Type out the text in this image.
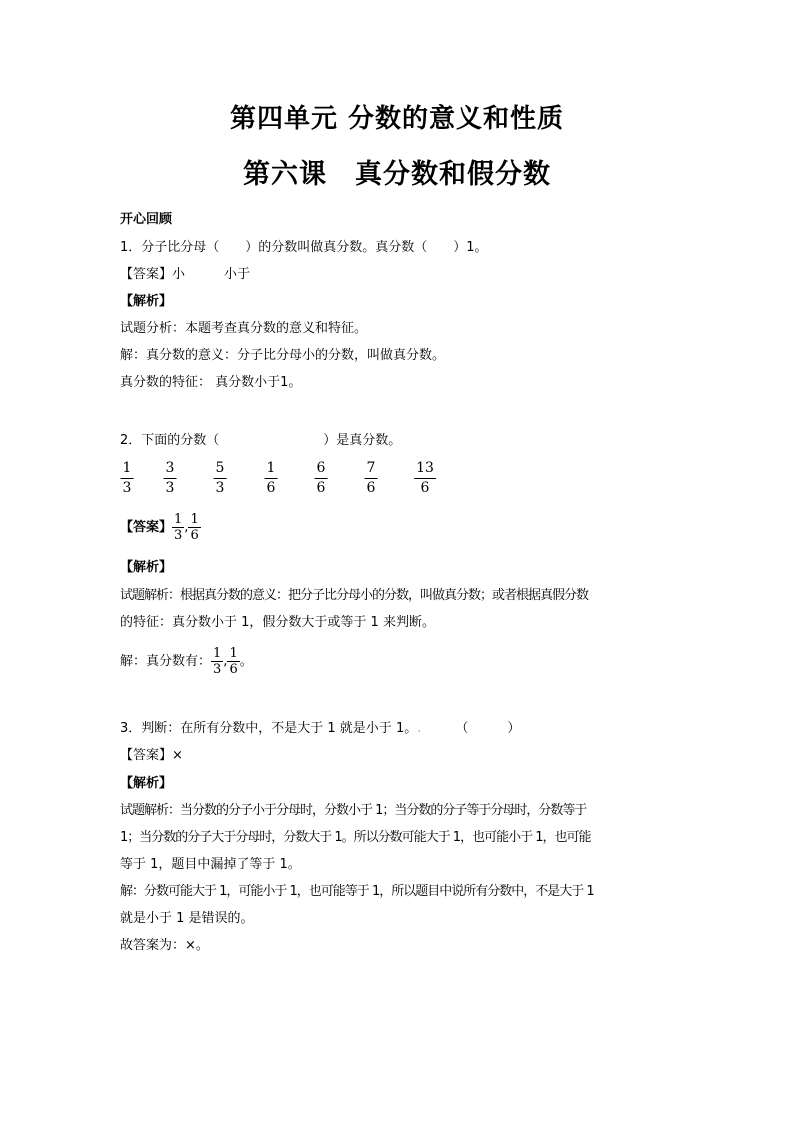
第四单元 分数的意义和性质
第六课　真分数和假分数
开心回顾
1．分子比分母（　　）的分数叫做真分数。真分数（　　）1。
【答案】小　　　小于
【解析】
试题分析：本题考查真分数的意义和特征。
解：真分数的意义：分子比分母小的分数，叫做真分数。
真分数的特征： 真分数小于1。
2．下面的分数（　　　　　　　　）是真分数。
$\frac{1}{3} \frac{3}{3}$	$\frac{5}{3}$	$\frac{1}{6}$	$\frac{6}{6}$	$\frac{7}{6}$	$\frac{13}{6}$
【答案】 $\frac{1}{3}$ , $\frac{1}{6}$
【解析】
试题解析：根据真分数的意义：把分子比分母小的分数，叫做真分数；或者根据真假分数
的特征：真分数小于 1，假分数大于或等于 1 来判断。
解：真分数有： $\frac{1}{3}$ , $\frac{1}{6}$ 。
3．判断：在所有分数中，不是大于 1 就是小于 1。.	（　　　）
【答案】×
【解析】
试题解析：当分数的分子小于分母时，分数小于 1；当分数的分子等于分母时，分数等于
1；当分数的分子大于分母时，分数大于 1。所以分数可能大于 1，也可能小于 1，也可能
等于 1，题目中漏掉了等于 1。
解：分数可能大于 1，可能小于 1，也可能等于 1，所以题目中说所有分数中，不是大于 1
就是小于 1 是错误的。
故答案为：×。
